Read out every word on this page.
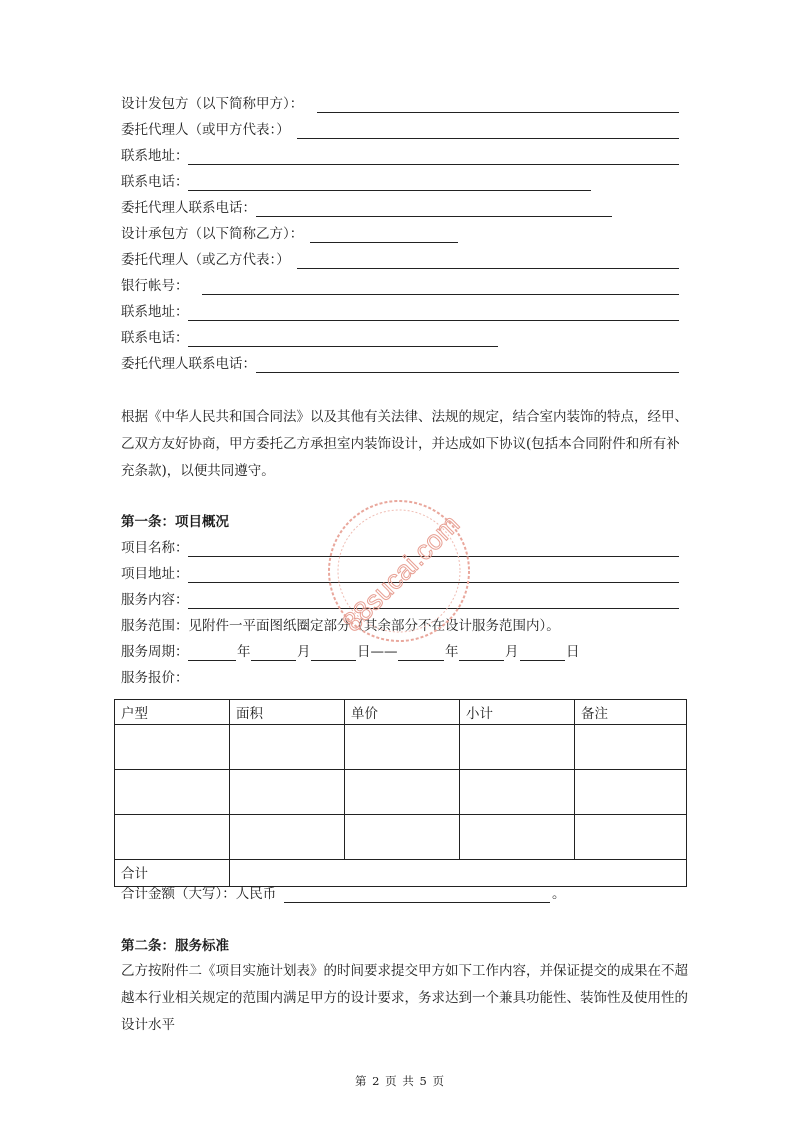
设计发包方（以下简称甲方）：
委托代理人（或甲方代表：）
联系地址：
联系电话：
委托代理人联系电话：
设计承包方（以下简称乙方）：
委托代理人（或乙方代表：）
银行帐号：
联系地址：
联系电话：
委托代理人联系电话：
根据《中华人民共和国合同法》以及其他有关法律、法规的规定，结合室内装饰的特点，经甲、
乙双方友好协商，甲方委托乙方承担室内装饰设计，并达成如下协议(包括本合同附件和所有补
充条款)，以便共同遵守。
第一条：项目概况
项目名称：
项目地址：
服务内容：
服务范围：见附件一平面图纸圈定部分（其余部分不在设计服务范围内）。
服务周期：	年	月	日——	年	月	日
服务报价：
户型	面积	单价	小计	备注

合计				
合计金额（大写）：人民币	。
第二条：服务标准
乙方按附件二《项目实施计划表》的时间要求提交甲方如下工作内容，并保证提交的成果在不超
越本行业相关规定的范围内满足甲方的设计要求，务求达到一个兼具功能性、装饰性及使用性的
设计水平
88sucai.com
第 2 页 共 5 页
